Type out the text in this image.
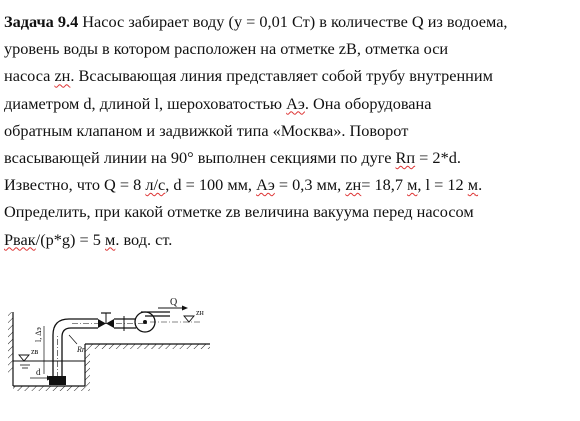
Задача 9.4 Насос забирает воду (у = 0,01 Ст) в количестве Q из водоема,
уровень воды в котором расположен на отметке zB, отметка оси
насоса zн. Всасывающая линия представляет собой трубу внутренним
диаметром d, длиной l, шероховатостью Аэ. Она оборудована
обратным клапаном и задвижкой типа «Москва». Поворот
всасывающей линии на 90° выполнен секциями по дуге Rп = 2*d.
Известно, что Q = 8 л/с, d = 100 мм, Аэ = 0,3 мм, zн= 18,7 м, l = 12 м.
Определить, при какой отметке zв величина вакуума перед насосом
Рвак/(p*g) = 5 м. вод. ст.
zв
l, Δэ
Rп
zн
Q
d
